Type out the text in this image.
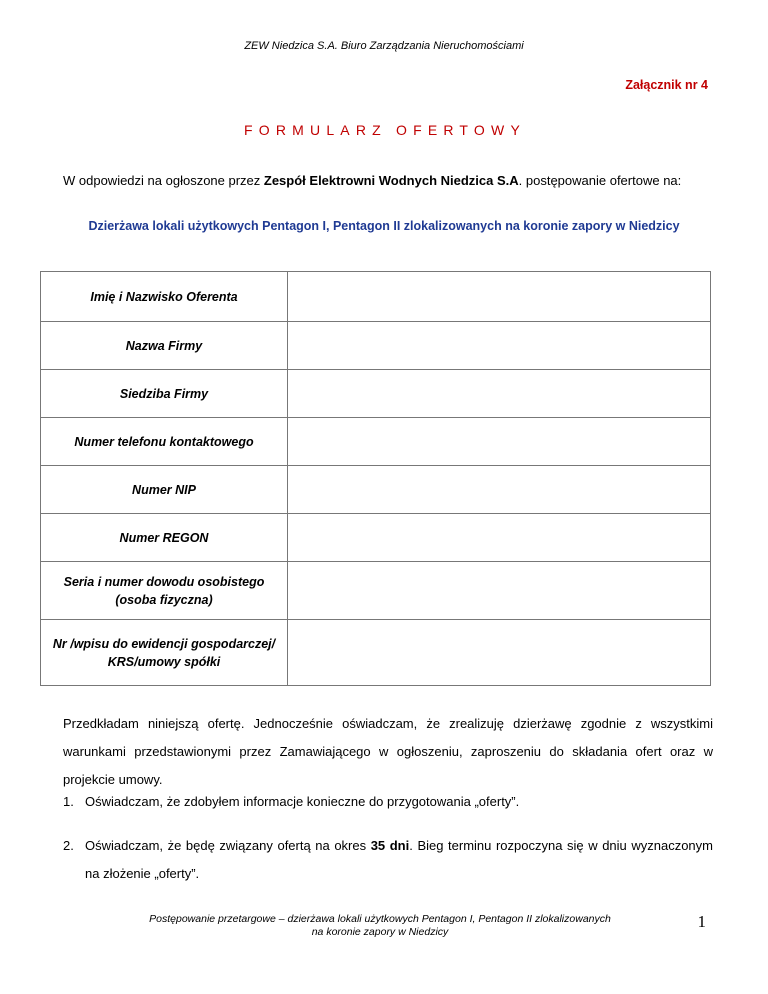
ZEW Niedzica S.A. Biuro Zarządzania Nieruchomościami
Załącznik nr 4
FORMULARZ OFERTOWY
W odpowiedzi na ogłoszone przez Zespół Elektrowni Wodnych Niedzica S.A. postępowanie ofertowe na:
Dzierżawa lokali użytkowych Pentagon I, Pentagon II zlokalizowanych na koronie zapory w Niedzicy
Imię i Nazwisko Oferenta	
Nazwa Firmy	
Siedziba Firmy	
Numer telefonu kontaktowego	
Numer NIP	
Numer REGON	
Seria i numer dowodu osobistego (osoba fizyczna)	
Nr /wpisu do ewidencji gospodarczej/ KRS/umowy spółki	
Przedkładam niniejszą ofertę. Jednocześnie oświadczam, że zrealizuję dzierżawę zgodnie z wszystkimi warunkami przedstawionymi przez Zamawiającego w ogłoszeniu, zaproszeniu do składania ofert oraz w projekcie umowy.
1. Oświadczam, że zdobyłem informacje konieczne do przygotowania „oferty”.
2. Oświadczam, że będę związany ofertą na okres 35 dni. Bieg terminu rozpoczyna się w dniu wyznaczonym na złożenie „oferty”.
Postępowanie przetargowe – dzierżawa lokali użytkowych Pentagon I, Pentagon II zlokalizowanych
na koronie zapory w Niedzicy
1
